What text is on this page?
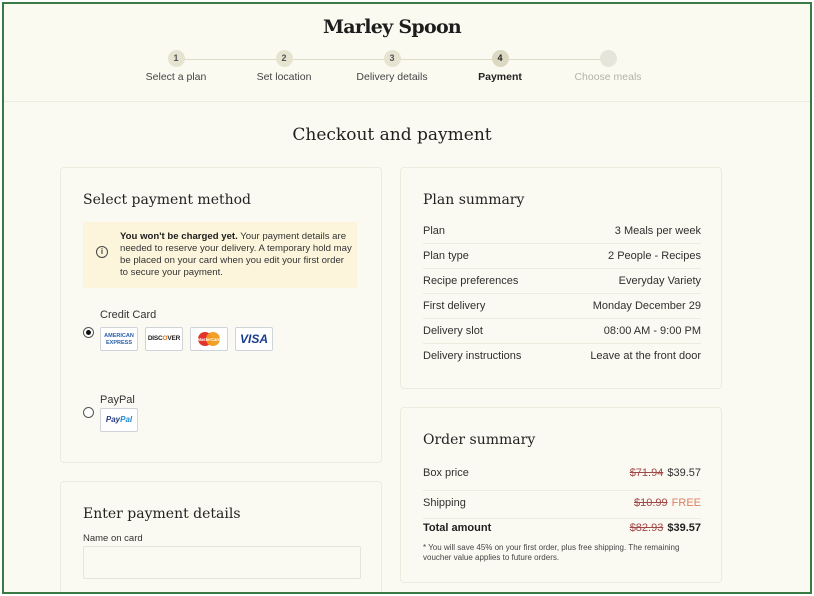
Marley Spoon
1
Select a plan
2
Set location
3
Delivery details
4
Payment	Choose meals
Checkout and payment
Select payment method
i
You won't be charged yet. Your payment details are needed to reserve your delivery. A temporary hold may be placed on your card when you edit your first order to secure your payment.
Credit Card
AMERICAN
EXPRESS
DISCOVER	MasterCard	VISA
PayPal
PayPal
Enter payment details
Name on card
Plan summary
Plan	3 Meals per week
Plan type	2 People - Recipes
Recipe preferences	Everyday Variety
First delivery	Monday December 29
Delivery slot	08:00 AM - 9:00 PM
Delivery instructions	Leave at the front door
Order summary
Box price	$71.94 $39.57
Shipping	$10.99 FREE
Total amount	$82.93 $39.57
* You will save 45% on your first order, plus free shipping. The remaining voucher value applies to future orders.
